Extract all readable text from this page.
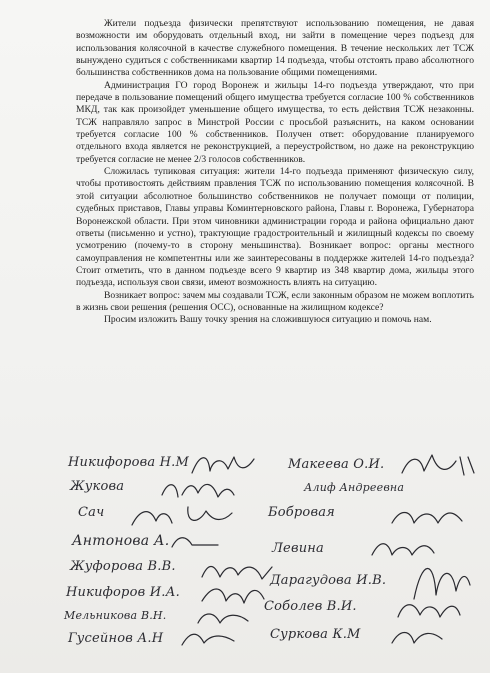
Жители подъезда физически препятствуют использованию помещения, не давая возможности им оборудовать отдельный вход, ни зайти в помещение через подъезд для использования колясочной в качестве служебного помещения. В течение нескольких лет ТСЖ вынуждено судиться с собственниками квартир 14 подъезда, чтобы отстоять право абсолютного большинства собственников дома на пользование общими помещениями.

Администрация ГО город Воронеж и жильцы 14-го подъезда утверждают, что при передаче в пользование помещений общего имущества требуется согласие 100 % собственников МКД, так как произойдет уменьшение общего имущества, то есть действия ТСЖ незаконны. ТСЖ направляло запрос в Минстрой России с просьбой разъяснить, на каком основании требуется согласие 100 % собственников. Получен ответ: оборудование планируемого отдельного входа является не реконструкцией, а переустройством, но даже на реконструкцию требуется согласие не менее 2/3 голосов собственников.

Сложилась тупиковая ситуация: жители 14-го подъезда применяют физическую силу, чтобы противостоять действиям правления ТСЖ по использованию помещения колясочной. В этой ситуации абсолютное большинство собственников не получает помощи от полиции, судебных приставов, Главы управы Коминтерновского района, Главы г. Воронежа, Губернатора Воронежской области. При этом чиновники администрации города и района официально дают ответы (письменно и устно), трактующие градостроительный и жилищный кодексы по своему усмотрению (почему-то в сторону меньшинства). Возникает вопрос: органы местного самоуправления не компетентны или же заинтересованы в поддержке жителей 14-го подъезда? Стоит отметить, что в данном подъезде всего 9 квартир из 348 квартир дома, жильцы этого подъезда, используя свои связи, имеют возможность влиять на ситуацию.

Возникает вопрос: зачем мы создавали ТСЖ, если законным образом не можем воплотить в жизнь свои решения (решения ОСС), основанные на жилищном кодексе?

Просим изложить Вашу точку зрения на сложившуюся ситуацию и помочь нам.

Никифорова Н.М
Жукова
Сач
Антонова А.
Жуфорова В.В.
Никифоров И.А.
Мельникова В.Н.
Гусейнов А.Н
Макеева О.И.
Алиф Андреевна
Бобровая
Левина
Дарагудова И.В.
Соболев В.И.
Суркова К.М
